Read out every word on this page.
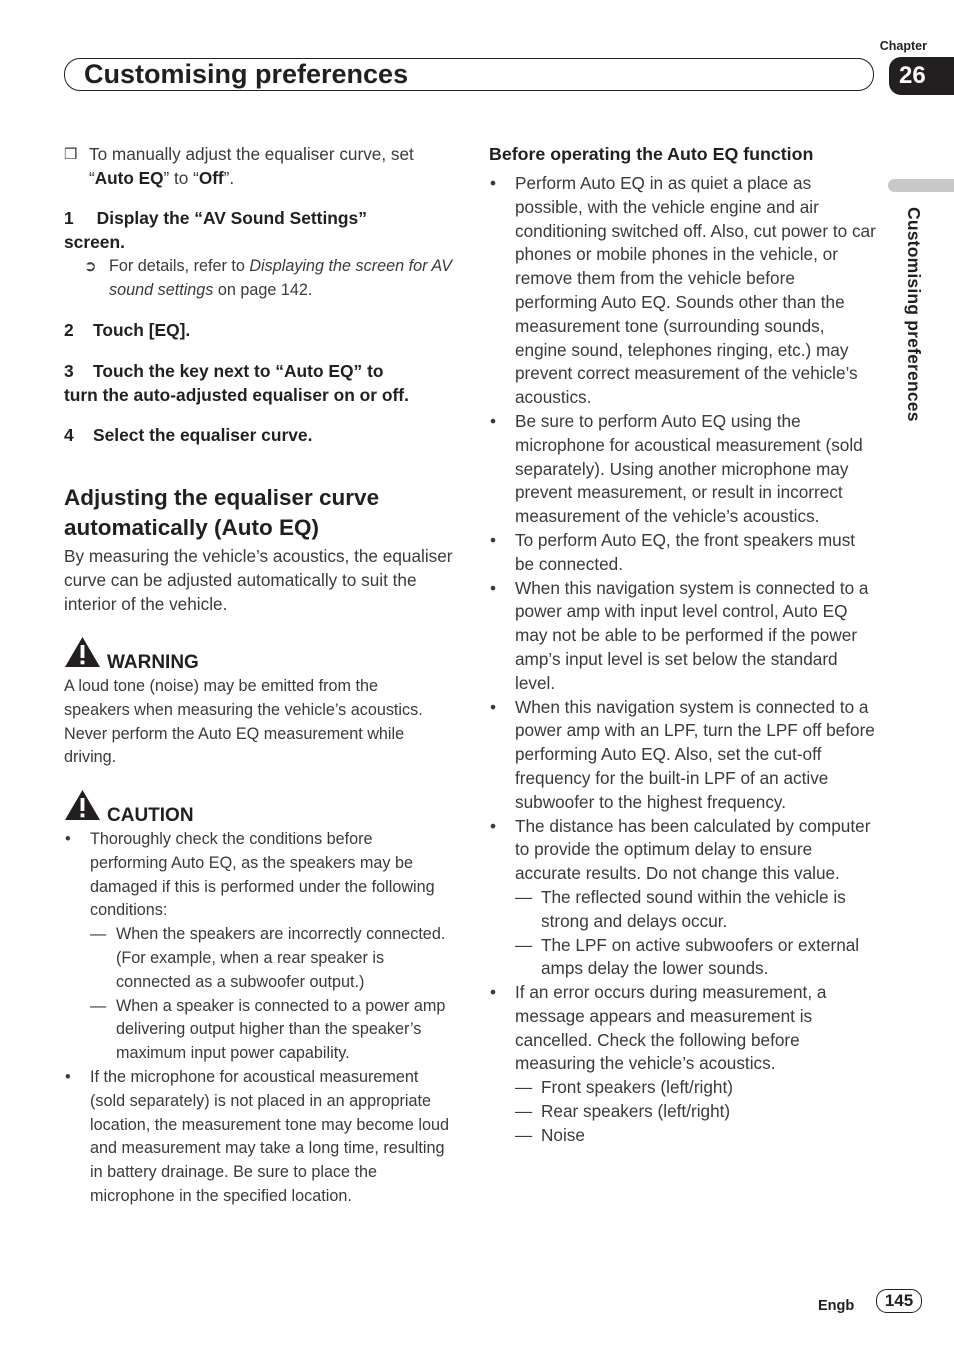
Chapter
Customising preferences	26
Customising preferences
❒ To manually adjust the equaliser curve, set “Auto EQ” to “Off”.
1 Display the “AV Sound Settings”
screen.
➲ For details, refer to Displaying the screen for AV sound settings on page 142.
2    Touch [EQ].
3    Touch the key next to “Auto EQ” to
turn the auto-adjusted equaliser on or off.
4    Select the equaliser curve.
Adjusting the equaliser curve automatically (Auto EQ)
By measuring the vehicle’s acoustics, the equaliser curve can be adjusted automatically to suit the interior of the vehicle.
WARNING
A loud tone (noise) may be emitted from the speakers when measuring the vehicle’s acoustics. Never perform the Auto EQ measurement while driving.
CAUTION
• Thoroughly check the conditions before performing Auto EQ, as the speakers may be damaged if this is performed under the following conditions:
— When the speakers are incorrectly connected. (For example, when a rear speaker is connected as a subwoofer output.)
— When a speaker is connected to a power amp delivering output higher than the speaker’s maximum input power capability.
• If the microphone for acoustical measurement (sold separately) is not placed in an appropriate location, the measurement tone may become loud and measurement may take a long time, resulting in battery drainage. Be sure to place the microphone in the specified location.
Before operating the Auto EQ function
• Perform Auto EQ in as quiet a place as possible, with the vehicle engine and air conditioning switched off. Also, cut power to car phones or mobile phones in the vehicle, or remove them from the vehicle before performing Auto EQ. Sounds other than the measurement tone (surrounding sounds, engine sound, telephones ringing, etc.) may prevent correct measurement of the vehicle’s acoustics.
• Be sure to perform Auto EQ using the microphone for acoustical measurement (sold separately). Using another microphone may prevent measurement, or result in incorrect measurement of the vehicle’s acoustics.
• To perform Auto EQ, the front speakers must be connected.
• When this navigation system is connected to a power amp with input level control, Auto EQ may not be able to be performed if the power amp’s input level is set below the standard level.
• When this navigation system is connected to a power amp with an LPF, turn the LPF off before performing Auto EQ. Also, set the cut-off frequency for the built-in LPF of an active subwoofer to the highest frequency.
• The distance has been calculated by computer to provide the optimum delay to ensure accurate results. Do not change this value.
— The reflected sound within the vehicle is strong and delays occur.
— The LPF on active subwoofers or external amps delay the lower sounds.
• If an error occurs during measurement, a message appears and measurement is cancelled. Check the following before measuring the vehicle’s acoustics.
— Front speakers (left/right)
— Rear speakers (left/right)
— Noise
Engb	145
